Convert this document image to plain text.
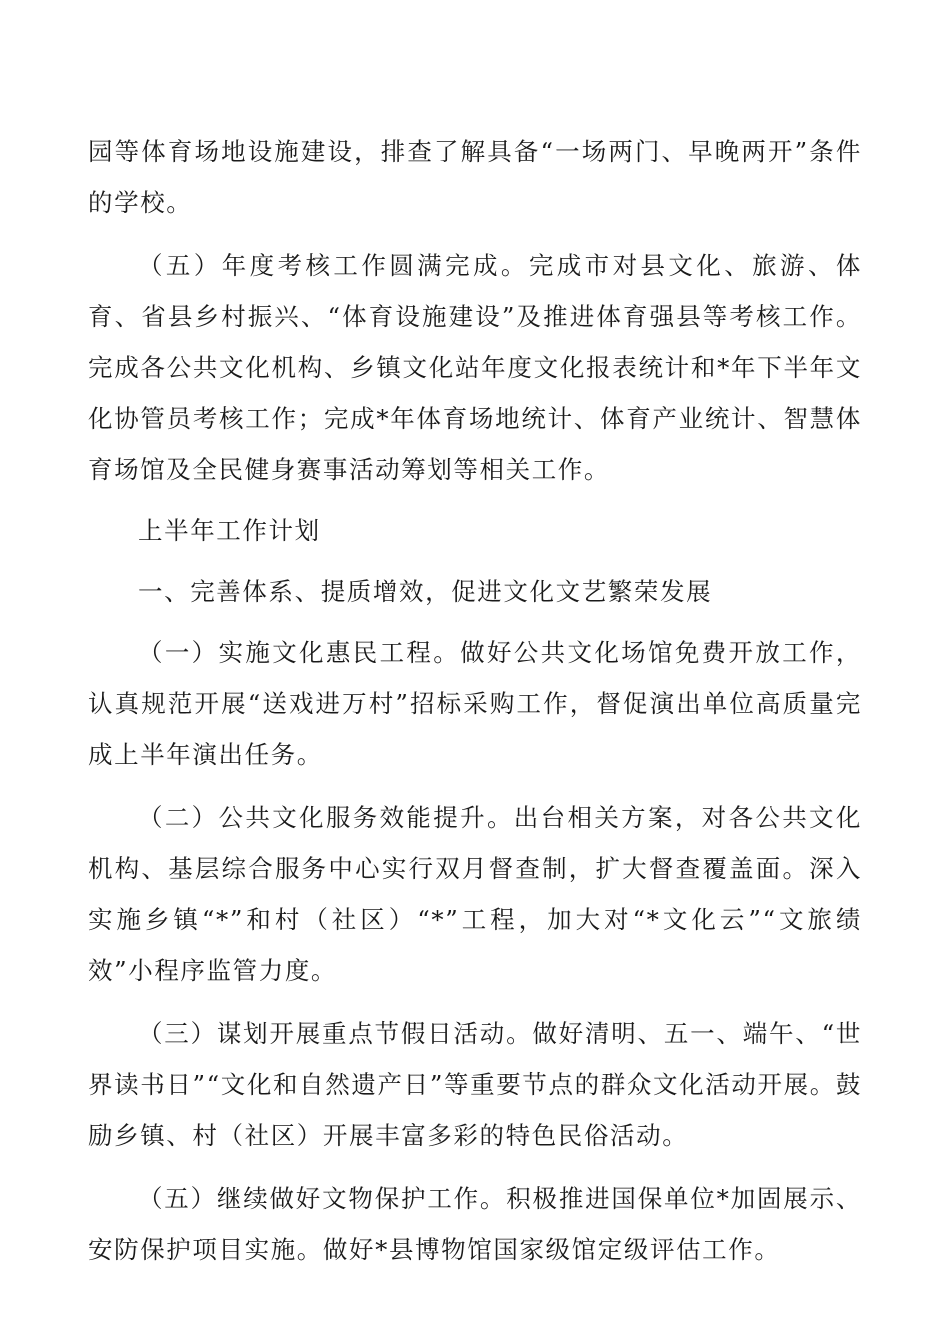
园等体育场地设施建设，排查了解具备“一场两门、早晚两开”条件的学校。

（五）年度考核工作圆满完成。完成市对县文化、旅游、体育、省县乡村振兴、“体育设施建设”及推进体育强县等考核工作。完成各公共文化机构、乡镇文化站年度文化报表统计和*年下半年文化协管员考核工作；完成*年体育场地统计、体育产业统计、智慧体育场馆及全民健身赛事活动筹划等相关工作。

上半年工作计划

一、完善体系、提质增效，促进文化文艺繁荣发展

（一）实施文化惠民工程。做好公共文化场馆免费开放工作，认真规范开展“送戏进万村”招标采购工作，督促演出单位高质量完成上半年演出任务。

（二）公共文化服务效能提升。出台相关方案，对各公共文化机构、基层综合服务中心实行双月督查制，扩大督查覆盖面。深入实施乡镇“*”和村（社区）“*”工程，加大对“*文化云”“文旅绩效”小程序监管力度。

（三）谋划开展重点节假日活动。做好清明、五一、端午、“世界读书日”“文化和自然遗产日”等重要节点的群众文化活动开展。鼓励乡镇、村（社区）开展丰富多彩的特色民俗活动。

（五）继续做好文物保护工作。积极推进国保单位*加固展示、安防保护项目实施。做好*县博物馆国家级馆定级评估工作。
